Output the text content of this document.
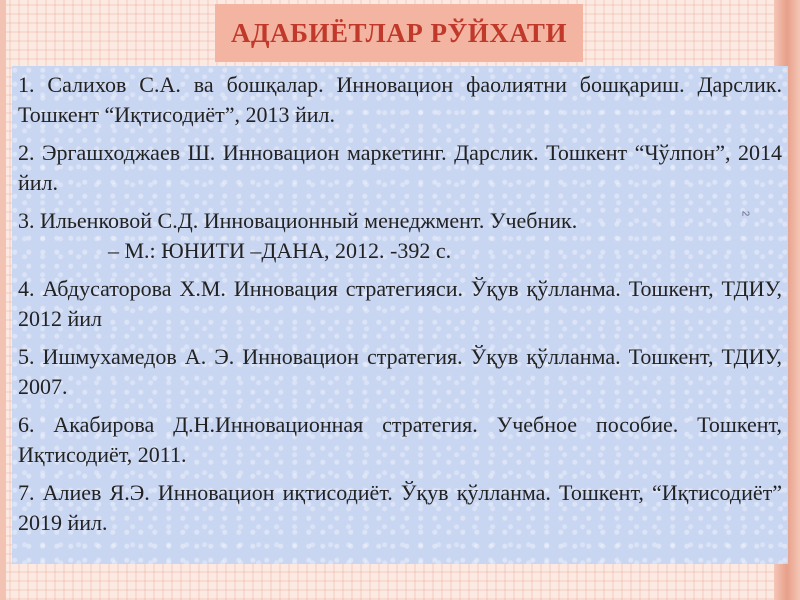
АДАБИЁТЛАР РЎЙХАТИ
1. Салихов С.А. ва бошқалар. Инновацион фаолиятни бошқариш. Дарслик. Тошкент “Иқтисодиёт”, 2013 йил.
2. Эргашходжаев Ш. Инновацион маркетинг. Дарслик. Тошкент “Чўлпон”, 2014 йил.
3. Ильенковой С.Д. Инновационный менеджмент. Учебник.
– М.: ЮНИТИ –ДАНА, 2012. -392 с.
4. Абдусаторова Х.М. Инновация стратегияси. Ўқув қўлланма. Тошкент, ТДИУ, 2012 йил
5. Ишмухамедов А. Э. Инновацион стратегия. Ўқув қўлланма. Тошкент, ТДИУ, 2007.
6. Акабирова Д.Н.Инновационная стратегия. Учебное пособие. Тошкент, Иқтисодиёт, 2011.
7. Алиев Я.Э. Инновацион иқтисодиёт. Ўқув қўлланма. Тошкент, “Иқтисодиёт” 2019 йил.
2
